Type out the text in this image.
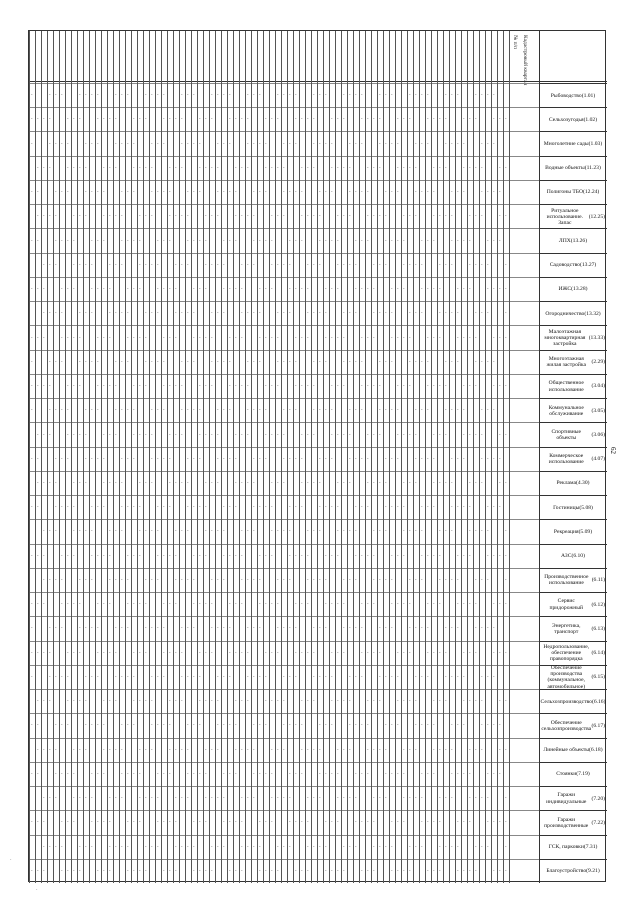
№ п/п Кадастровый квартал
Рыбоводство (1.01)
Сельхозугодья (1.02)
Многолетние сады (1.03)
Водные объекты (11.23)
Полигоны ТБО (12.24)
Ритуальное использование. Запас
(12.25)
ЛПХ (13.26)
Садоводство (13.27)
ИЖС (13.28)
Огородничество (13.32)
Малоэтажная многоквартирная застройка
(13.33)
Многоэтажная жилая застройка
(2.29)
Общественное использование
(3.04)
Коммунальное обслуживание
(3.05)
Спортивные объекты
(3.06)
Коммерческое использование
(4.07)
Реклама (4.30)
Гостиницы (5.08)
Рекреация (5.09)
АЗС (6.10)
Производственное использование
(6.11)
Сервис придорожный
(6.12)
Энергетика, транспорт
(6.13)
Недропользование, обеспечение правопорядка
(6.14)
Обеспечение производства (коммунальное, автомобильное)
(6.15)
Сельхозпроизводство (6.16)
Обеспечение сельхозпроизводства
(6.17)
Линейные объекты (6.18)
Стоянки (7.19)
Гаражи индивидуальные
(7.20)
Гаражи производственные
(7.22)
ГСК, парковки (7.31)
Благоустройство (9.21)
-
-
-
-
-
-
-
-
-
-
-
-
-
-
-
-
-
-
-
-
-
-
-
-
-
-
-
-
-
-
-
-
-
-
-
-
-
-
-
-
-
-
-
-
-
-
-
-
-
-
-
-
-
-
-
-
-
-
-
-
-
-
-
-
-
-
-
-
-
-
-
-
-
-
-
-
-
-
-
-
-
-
-
-
-
-
-
-
-
-
-
-
-
-
-
-
-
-
-
-
-
-
-
-
-
-
-
-
-
-
-
-
-
-
-
-
-
-
-
-
-
-
-
-
-
-
-
-
-
-
-
-
-
-
-
-
-
-
-
-
-
-
-
-
-
-
-
-
-
-
-
-
-
-
-
-
-
-
-
-
-
-
-
-
-
-
-
-
-
-
-
-
-
-
-
-
-
-
-
-
-
-
-
-
-
-
-
-
-
-
-
-
-
-
-
-
-
-
-
-
-
-
-
-
-
-
-
-
-
-
-
-
-
-
-
-
-
-
-
-
-
-
-
-
-
-
-
-
-
-
-
-
-
-
-
-
-
-
-
-
-
-
-
-
-
-
-
-
-
-
-
-
-
-
-
-
-
-
-
-
-
-
-
-
-
-
-
-
-
-
-
-
-
-
-
-
-
-
-
-
-
-
-
-
-
-
-
-
-
-
-
-
-
-
-
-
-
-
-
-
-
-
-
-
-
-
-
-
-
-
-
-
-
-
-
-
-
-
-
-
-
-
-
-
-
-
-
-
-
-
-
-
-
-
-
-
-
-
-
-
-
-
-
-
-
-
-
-
-
-
-
-
-
-
-
-
-
-
-
-
-
-
-
-
-
-
-
-
-
-
-
-
-
-
-
-
-
-
-
-
-
-
-
-
-
-
-
-
-
-
-
-
-
-
-
-
-
-
-
-
-
-
-
-
-
-
-
-
-
-
-
-
-
-
-
-
-
-
-
-
-
-
-
-
-
-
-
-
-
-
-
-
-
-
-
-
-
-
-
-
-
-
-
-
-
-
-
-
-
-
-
-
-
-
-
-
-
-
-
-
-
-
-
-
-
-
-
-
-
-
-
-
-
-
-
-
-
-
-
-
-
-
-
-
-
-
-
-
-
-
-
-
-
-
-
-
-
-
-
-
-
-
-
-
-
-
-
-
-
-
-
-
-
-
-
-
-
-
-
-
-
-
-
-
-
-
-
-
-
-
-
-
-
-
-
-
-
-
-
-
-
-
-
-
-
-
-
-
-
-
-
-
-
-
-
-
-
-
-
-
-
-
-
-
-
-
-
-
-
-
-
-
-
-
-
-
-
-
-
-
-
-
-
-
-
-
-
-
-
-
-
-
-
-
-
-
-
-
-
-
-
-
-
-
-
-
-
-
-
-
-
-
-
-
-
-
-
-
-
-
-
-
-
-
-
-
-
-
-
-
-
-
-
-
-
-
-
-
-
-
-
-
-
-
-
-
-
-
-
-
-
-
-
-
-
-
-
-
-
-
-
-
-
-
-
-
-
-
-
-
-
-
-
-
-
-
-
-
-
-
-
-
-
-
-
-
-
-
-
-
-
-
-
-
-
-
-
-
-
-
-
-
-
-
-
-
-
-
-
-
-
-
-
-
-
-
-
-
-
-
-
-
-
-
-
-
-
-
-
-
-
-
-
-
-
-
-
-
-
-
-
-
-
-
-
-
-
-
-
-
-
-
-
-
-
-
-
-
-
-
-
-
-
-
-
-
-
-
-
-
-
-
-
-
-
-
-
-
-
-
-
-
-
-
-
-
-
-
-
-
-
-
-
-
-
-
-
-
-
-
-
-
-
-
-
-
-
-
-
-
-
-
-
-
-
-
-
-
-
-
-
-
-
-
-
-
-
-
-
-
-
-
-
-
-
-
-
-
-
-
-
-
-
-
-
-
-
-
-
-
-
-
-
-
-
-
-
-
-
-
-
-
-
-
-
-
-
-
-
-
-
-
-
-
-
-
-
-
-
-
-
-
-
-
-
-
-
-
-
-
-
-
-
-
-
-
-
-
-
-
-
-
-
-
-
-
-
-
-
-
-
-
-
-
-
-
-
-
-
-
-
-
-
-
-
-
-
-
-
-
-
-
-
-
-
-
-
-
-
-
-
-
-
-
-
-
-
-
-
-
-
-
-
-
-
-
-
-
-
-
-
-
-
-
-
-
-
-
-
-
-
-
-
-
-
-
-
-
-
-
-
-
-
-
-
-
-
-
-
-
-
-
-
-
-
-
-
-
-
-
-
-
-
-
-
-
-
-
-
-
-
-
-
-
-
-
-
-
-
-
-
-
-
-
-
-
-
-
-
-
-
-
-
-
-
-
-
-
-
-
-
-
-
-
-
-
-
-
-
-
-
-
-
-
-
-
-
-
-
-
-
-
-
-
-
-
-
-
-
-
-
-
-
-
-
-
-
-
-
-
-
-
-
-
-
-
-
-
-
-
-
-
-
-
-
-
-
-
-
-
-
-
-
-
-
-
-
-
-
-
-
-
-
-
-
-
-
-
-
-
-
-
-
-
-
-
-
-
-
-
-
-
-
-
-
-
-
-
-
-
-
-
-
-
-
-
-
-
-
-
-
-
-
-
-
-
-
-
-
-
-
-
-
-
-
-
-
-
-
-
-
-
-
-
-
-
-
-
-
-
-
-
-
-
-
-
-
-
-
-
-
-
-
-
-
-
-
-
-
-
-
-
-
-
-
-
-
-
-
-
-
-
-
-
-
-
-
-
-
-
-
-
-
-
-
-
-
-
-
-
-
-
-
-
-
-
-
-
-
-
-
-
-
-
-
-
-
-
-
-
-
-
-
-
-
-
-
-
-
-
-
-
-
-
-
-
-
-
-
-
-
-
-
-
-
-
-
-
-
-
-
-
-
-
-
-
-
-
-
-
-
-
-
-
-
-
-
-
-
-
-
-
-
-
-
-
-
-
-
-
-
-
-
-
-
-
-
-
-
-
-
-
-
-
-
-
-
-
-
-
-
-
-
-
-
-
-
-
-
-
-
-
-
-
-
-
-
-
-
-
-
-
-
-
-
-
-
-
-
-
-
-
-
-
-
-
-
-
-
-
-
-
-
-
-
-
-
-
-
-
-
-
-
-
-
-
-
-
-
-
-
-
-
-
-
-
-
-
-
-
-
-
-
-
-
-
-
-
-
-
-
-
-
-
-
-
-
-
-
-
-
-
-
-
-
-
-
-
-
-
-
-
-
-
-
-
-
-
-
-
-
-
-
-
-
-
-
-
-
-
-
-
-
-
-
-
-
-
-
-
-
-
-
-
-
-
-
-
-
-
-
-
-
-
-
-
-
-
-
-
-
-
-
-
-
-
-
-
-
-
-
-
-
-
-
-
-
-
-
-
-
-
-
-
-
-
-
-
-
-
-
-
-
-
-
-
-
-
-
-
-
-
-
-
-
-
-
-
-
-
-
-
-
-
-
-
-
-
-
-
-
-
-
-
-
-
-
-
-
-
-
-
-
-
-
-
-
-
-
-
-
-
-
-
-
-
-
-
-
-
-
-
-
-
-
-
-
-
-
-
-
-
-
-
-
-
-
-
-
-
-
-
-
-
-
-
-
-
-
-
-
-
-
-
-
-
-
-
-
-
-
-
-
-
-
-
-
-
-
-
-
-
-
-
-
-
-
-
-
-
-
-
-
-
-
-
-
-
-
-
-
-
-
-
-
-
-
-
-
-
-
-
-
-
-
-
-
-
-
-
-
-
-
-
-
-
-
-
-
-
-
-
-
-
-
-
-
-
-
-
62
·
·
